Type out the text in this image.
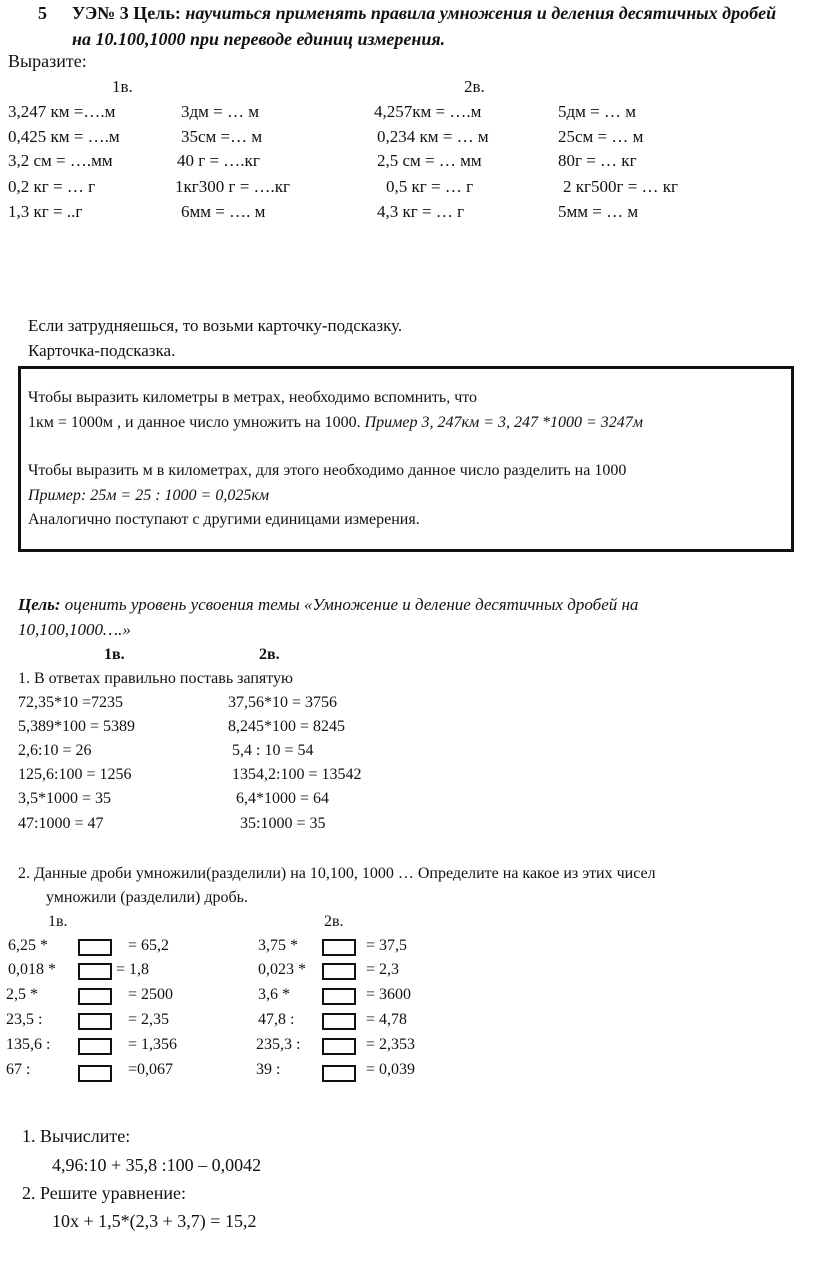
5 УЭ№ 3 Цель: научиться применять правила умножения и деления десятичных дробей
на 10.100,1000 при переводе единиц измерения.
Выразите:
1в.	2в.
3,247 км =….м	3дм = … м	4,257км = ….м	5дм = … м
0,425 км = ….м	35см =… м	0,234 км = … м	25см = … м
3,2 см = ….мм	40 г = ….кг	2,5 см = … мм	80г = … кг
0,2 кг = … г	1кг300 г = ….кг	0,5 кг = … г	2 кг500г = … кг
1,3 кг = ..г	6мм = …. м	4,3 кг = … г	5мм = … м
Если затрудняешься, то возьми карточку-подсказку.
Карточка-подсказка.
Чтобы выразить километры в метрах, необходимо вспомнить, что
1км = 1000м , и данное число умножить на 1000. Пример 3, 247км = 3, 247 *1000 = 3247м
Чтобы выразить м в километрах, для этого необходимо данное число разделить на 1000
Пример: 25м = 25 : 1000 = 0,025км
Аналогично поступают с другими единицами измерения.
Цель: оценить уровень усвоения темы «Умножение и деление десятичных дробей на
10,100,1000….»
1в.	2в.
1. В ответах правильно поставь запятую
72,35*10 =7235	37,56*10 = 3756
5,389*100 = 5389	8,245*100 = 8245
2,6:10 = 26	5,4 : 10 = 54
125,6:100 = 1256	1354,2:100 = 13542
3,5*1000 = 35	6,4*1000 = 64
47:1000 = 47	35:1000 = 35
2. Данные дроби умножили(разделили) на 10,100, 1000 … Определите на какое из этих чисел
умножили (разделили) дробь.
1в.	2в.
6,25 *	= 65,2	3,75 *	= 37,5
0,018 *	= 1,8	0,023 *	= 2,3
2,5 *	= 2500	3,6 *	= 3600
23,5 :	= 2,35	47,8 :	= 4,78
135,6 :	= 1,356	235,3 :	= 2,353
67 :	=0,067	39 :	= 0,039
1. Вычислите:
4,96:10 + 35,8 :100 – 0,0042
2. Решите уравнение:
10х + 1,5*(2,3 + 3,7) = 15,2
